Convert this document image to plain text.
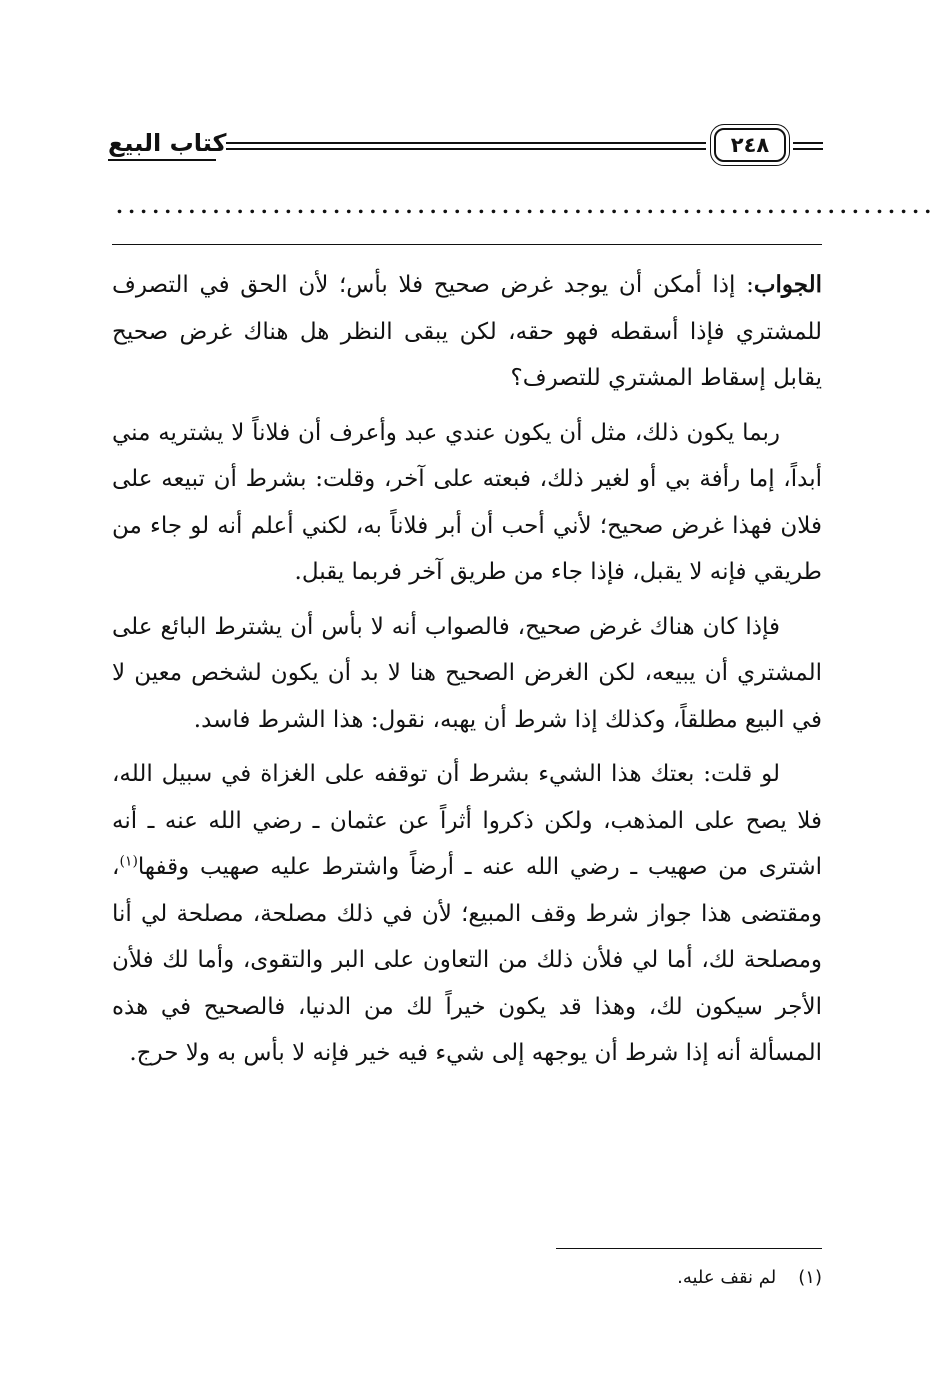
كتاب البيع	٢٤٨
....................................................................

الجواب: إذا أمكن أن يوجد غرض صحيح فلا بأس؛ لأن الحق في التصرف للمشتري فإذا أسقطه فهو حقه، لكن يبقى النظر هل هناك غرض صحيح يقابل إسقاط المشتري للتصرف؟

ربما يكون ذلك، مثل أن يكون عندي عبد وأعرف أن فلاناً لا يشتريه مني أبداً، إما رأفة بي أو لغير ذلك، فبعته على آخر، وقلت: بشرط أن تبيعه على فلان فهذا غرض صحيح؛ لأني أحب أن أبر فلاناً به، لكني أعلم أنه لو جاء من طريقي فإنه لا يقبل، فإذا جاء من طريق آخر فربما يقبل.

فإذا كان هناك غرض صحيح، فالصواب أنه لا بأس أن يشترط البائع على المشتري أن يبيعه، لكن الغرض الصحيح هنا لا بد أن يكون لشخص معين لا في البيع مطلقاً، وكذلك إذا شرط أن يهبه، نقول: هذا الشرط فاسد.

لو قلت: بعتك هذا الشيء بشرط أن توقفه على الغزاة في سبيل الله، فلا يصح على المذهب، ولكن ذكروا أثراً عن عثمان ـ رضي الله عنه ـ أنه اشترى من صهيب ـ رضي الله عنه ـ أرضاً واشترط عليه صهيب وقفها$^{(١)}$، ومقتضى هذا جواز شرط وقف المبيع؛ لأن في ذلك مصلحة، مصلحة لي أنا ومصلحة لك، أما لي فلأن ذلك من التعاون على البر والتقوى، وأما لك فلأن الأجر سيكون لك، وهذا قد يكون خيراً لك من الدنيا، فالصحيح في هذه المسألة أنه إذا شرط أن يوجهه إلى شيء فيه خير فإنه لا بأس به ولا حرج.

(١)لم نقف عليه.
